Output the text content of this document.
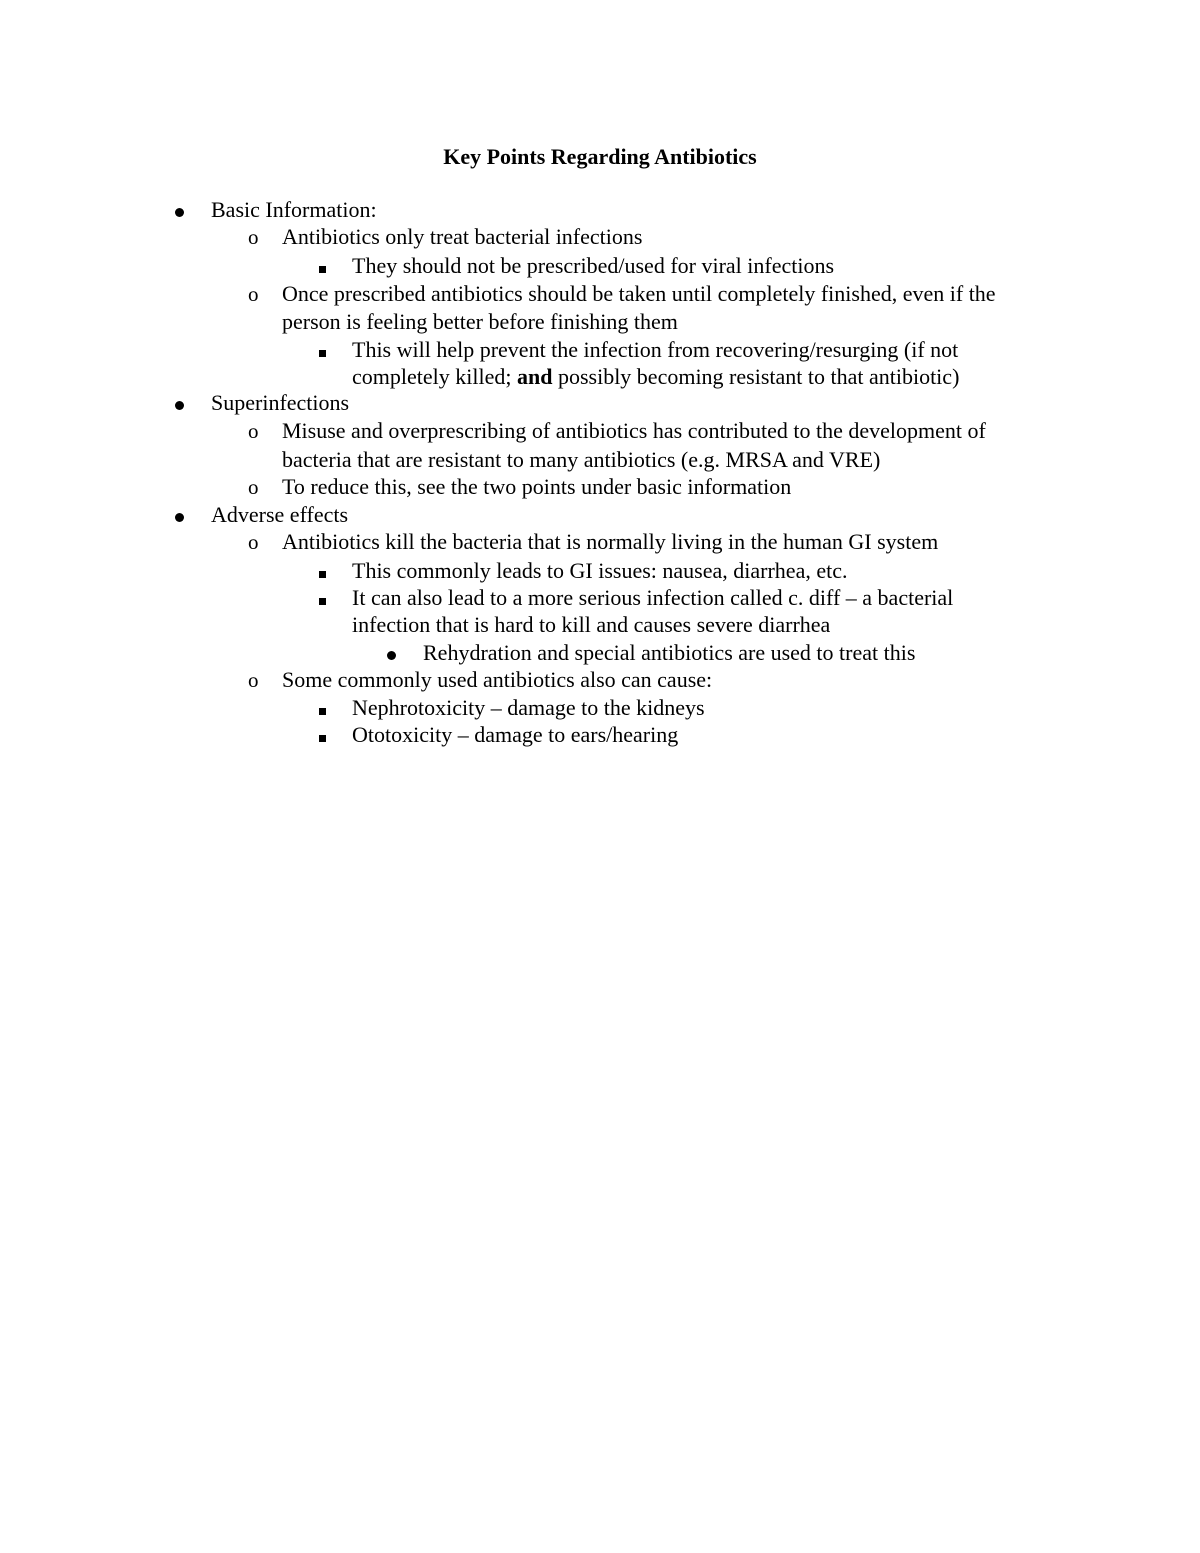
Key Points Regarding Antibiotics
Basic Information:
o Antibiotics only treat bacterial infections
They should not be prescribed/used for viral infections
o Once prescribed antibiotics should be taken until completely finished, even if the
person is feeling better before finishing them
This will help prevent the infection from recovering/resurging (if not
completely killed; and possibly becoming resistant to that antibiotic)
Superinfections
o Misuse and overprescribing of antibiotics has contributed to the development of
bacteria that are resistant to many antibiotics (e.g. MRSA and VRE)
o To reduce this, see the two points under basic information
Adverse effects
o Antibiotics kill the bacteria that is normally living in the human GI system
This commonly leads to GI issues: nausea, diarrhea, etc.
It can also lead to a more serious infection called c. diff – a bacterial
infection that is hard to kill and causes severe diarrhea
Rehydration and special antibiotics are used to treat this
o Some commonly used antibiotics also can cause:
Nephrotoxicity – damage to the kidneys
Ototoxicity – damage to ears/hearing
